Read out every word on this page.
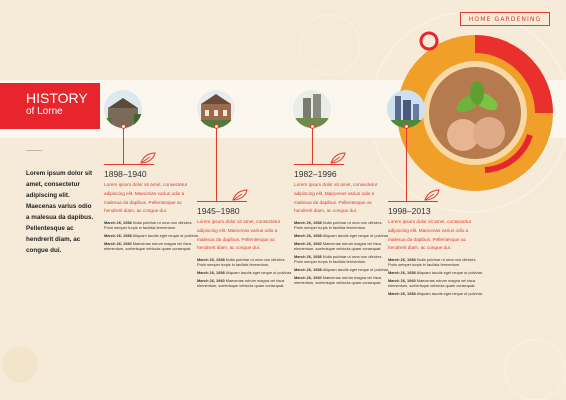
HOME GARDENING
HISTORY
of Lorne
Lorem ipsum dolor sit amet, consectetur adipiscing elit. Maecenas varius odio a malesua da dapibus. Pellentesque ac hendrerit diam, ac congue dui.
1898–1940
Lorem ipsum dolor sit amet, consectetur adipiscing elit. Maecenas varius odio a malesua da dapibus. Pellentesque ac hendrerit diam, ac congue dui.
March 26, 1938 Nulla pulvinar ut urna non ultricies. Proin semper turpis in facilisis fermentum.
March 26, 1938 Aliquam iaculis eget neque ut pulvinar.
March 26, 1940 Maecenas rutrum magna vel risus elementum, scelerisque vehicula quam consequat.
1945–1980
Lorem ipsum dolor sit amet, consectetur adipiscing elit. Maecenas varius odio a malesua da dapibus. Pellentesque ac hendrerit diam, ac congue dui.
March 26, 1938 Nulla pulvinar ut urna non ultricies. Proin semper turpis in facilisis fermentum.
March 26, 1938 Aliquam iaculis eget neque ut pulvinar.
March 26, 1940 Maecenas rutrum magna vel risus elementum, scelerisque vehicula quam consequat.
1982–1996
Lorem ipsum dolor sit amet, consectetur adipiscing elit. Maecenas varius odio a malesua da dapibus. Pellentesque ac hendrerit diam, ac congue dui.
March 26, 1938 Nulla pulvinar ut urna non ultricies. Proin semper turpis in facilisis fermentum.
March 26, 1938 Aliquam iaculis eget neque ut pulvinar.
March 26, 1940 Maecenas rutrum magna vel risus elementum, scelerisque vehicula quam consequat.
March 26, 1938 Nulla pulvinar ut urna non ultricies. Proin semper turpis in facilisis fermentum.
March 26, 1938 Aliquam iaculis eget neque ut pulvinar.
March 26, 1940 Maecenas rutrum magna vel risus elementum, scelerisque vehicula quam consequat.
1998–2013
Lorem ipsum dolor sit amet, consectetur adipiscing elit. Maecenas varius odio a malesua da dapibus. Pellentesque ac hendrerit diam, ac congue dui.
March 26, 1938 Nulla pulvinar ut urna non ultricies. Proin semper turpis in facilisis fermentum.
March 26, 1938 Aliquam iaculis eget neque ut pulvinar.
March 26, 1940 Maecenas rutrum magna vel risus elementum, scelerisque vehicula quam consequat.
March 26, 1938 Aliquam iaculis eget neque ut pulvinar.
